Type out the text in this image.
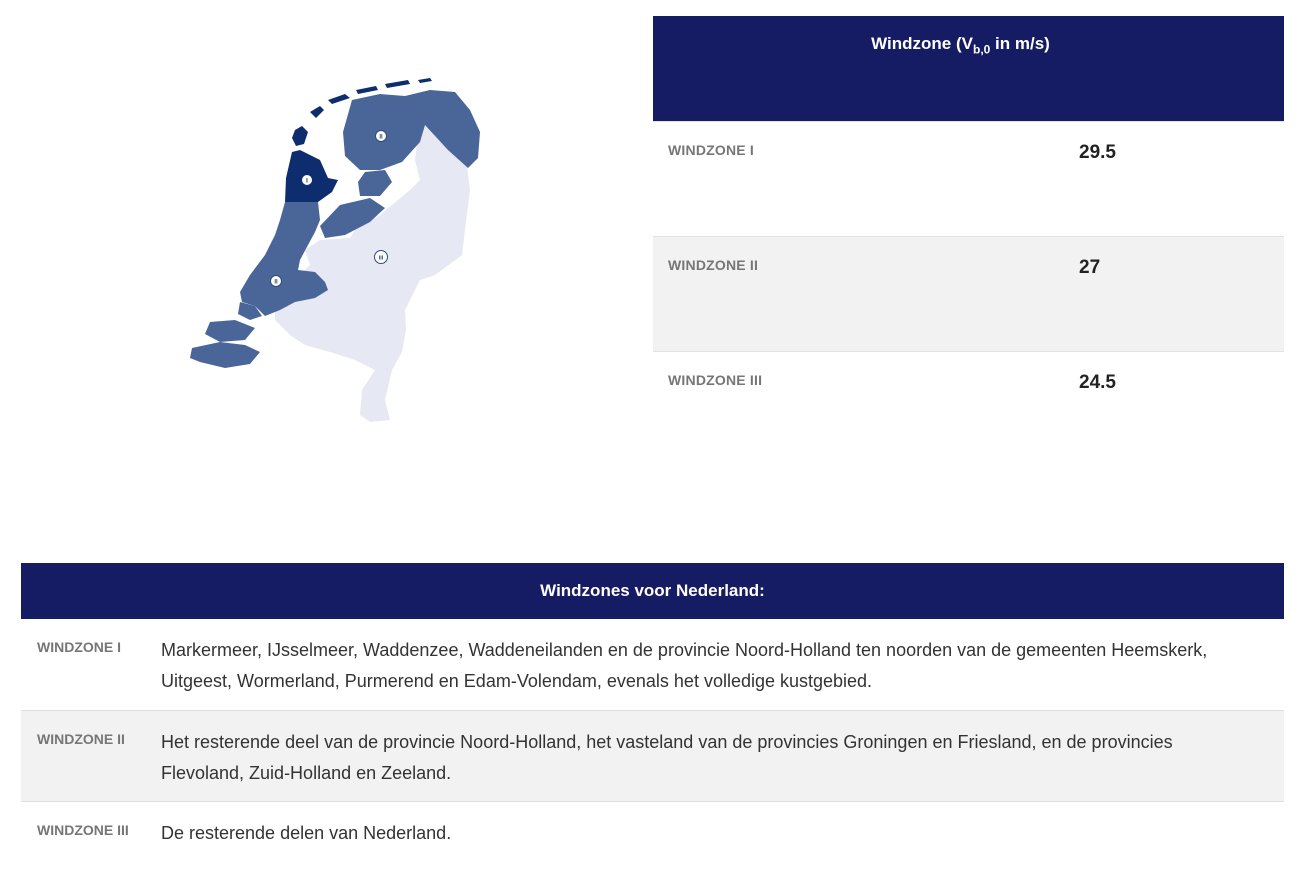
I
II
II
III
Windzone ($V_{b,0}$ in m/s)
WINDZONE I	29.5
WINDZONE II	27
WINDZONE III	24.5
Windzones voor Nederland:
WINDZONE I	Markermeer, IJsselmeer, Waddenzee, Waddeneilanden en de provincie Noord-Holland ten noorden van de gemeenten Heemskerk, Uitgeest, Wormerland, Purmerend en Edam-Volendam, evenals het volledige kustgebied.
WINDZONE II	Het resterende deel van de provincie Noord-Holland, het vasteland van de provincies Groningen en Friesland, en de provincies Flevoland, Zuid-Holland en Zeeland.
WINDZONE III	De resterende delen van Nederland.
